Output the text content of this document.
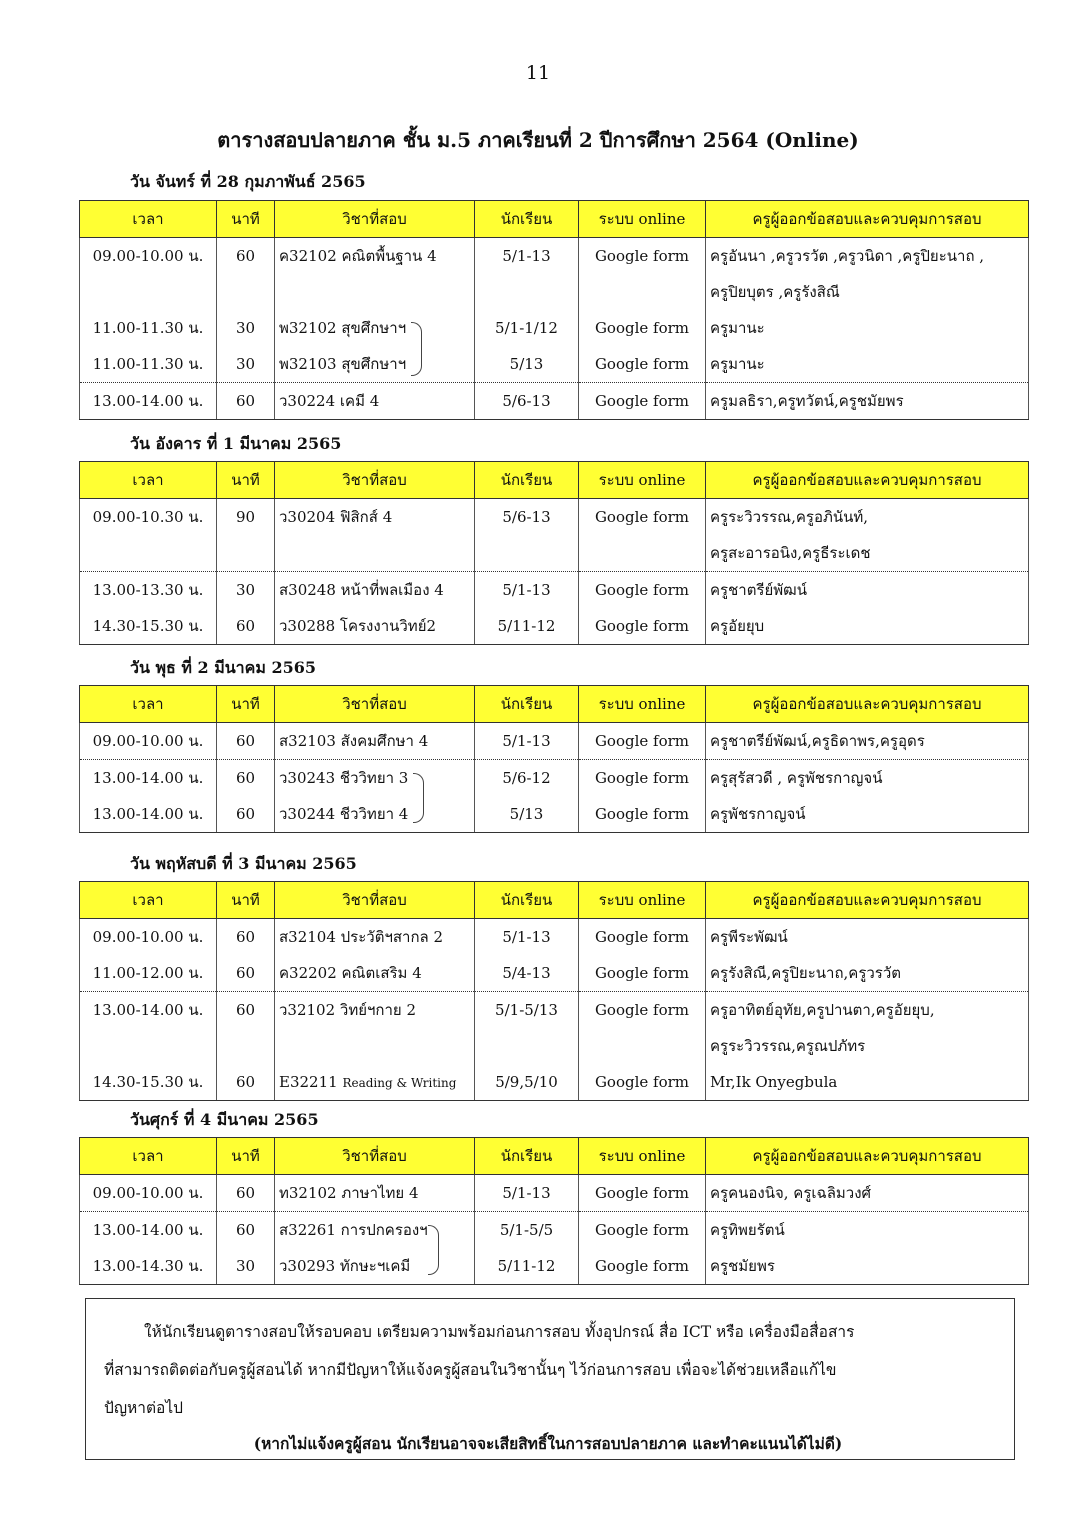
11
ตารางสอบปลายภาค ชั้น ม.5 ภาคเรียนที่ 2 ปีการศึกษา 2564 (Online)
วัน จันทร์ ที่ 28 กุมภาพันธ์ 2565
เวลา	นาที	วิชาที่สอบ	นักเรียน	ระบบ online	ครูผู้ออกข้อสอบและควบคุมการสอบ
09.00-10.00 น.	60	ค32102 คณิตพื้นฐาน 4	5/1-13	Google form	ครูอันนา ,ครูวรวัต ,ครูวนิดา ,ครูปิยะนาถ ,
					ครูปิยบุตร ,ครูรังสิณี
11.00-11.30 น.	30	พ32102 สุขศึกษาฯ	5/1-1/12	Google form	ครูมานะ
11.00-11.30 น.	30	พ32103 สุขศึกษาฯ	5/13	Google form	ครูมานะ
13.00-14.00 น.	60	ว30224 เคมี 4	5/6-13	Google form	ครูมลธิรา,ครูทวัตน์,ครูชมัยพร
วัน อังคาร ที่ 1 มีนาคม 2565
เวลา	นาที	วิชาที่สอบ	นักเรียน	ระบบ online	ครูผู้ออกข้อสอบและควบคุมการสอบ
09.00-10.30 น.	90	ว30204 ฟิสิกส์ 4	5/6-13	Google form	ครูระวิวรรณ,ครูอภินันท์,
					ครูสะอารอนิง,ครูธีระเดช
13.00-13.30 น.	30	ส30248 หน้าที่พลเมือง 4	5/1-13	Google form	ครูชาตรีย์พัฒน์
14.30-15.30 น.	60	ว30288 โครงงานวิทย์2	5/11-12	Google form	ครูอัยยุบ
วัน พุธ ที่ 2 มีนาคม 2565
เวลา	นาที	วิชาที่สอบ	นักเรียน	ระบบ online	ครูผู้ออกข้อสอบและควบคุมการสอบ
09.00-10.00 น.	60	ส32103 สังคมศึกษา 4	5/1-13	Google form	ครูชาตรีย์พัฒน์,ครูธิดาพร,ครูอุดร
13.00-14.00 น.	60	ว30243 ชีววิทยา 3	5/6-12	Google form	ครูสุรัสวดี , ครูพัชรกาญจน์
13.00-14.00 น.	60	ว30244 ชีววิทยา 4	5/13	Google form	ครูพัชรกาญจน์
วัน พฤหัสบดี ที่ 3 มีนาคม 2565
เวลา	นาที	วิชาที่สอบ	นักเรียน	ระบบ online	ครูผู้ออกข้อสอบและควบคุมการสอบ
09.00-10.00 น.	60	ส32104 ประวัติฯสากล 2	5/1-13	Google form	ครูพีระพัฒน์
11.00-12.00 น.	60	ค32202 คณิตเสริม 4	5/4-13	Google form	ครูรังสิณี,ครูปิยะนาถ,ครูวรวัต
13.00-14.00 น.	60	ว32102 วิทย์ฯกาย 2	5/1-5/13	Google form	ครูอาทิตย์อุทัย,ครูปานตา,ครูอัยยุบ,
					ครูระวิวรรณ,ครูณปภัทร
14.30-15.30 น.	60	E32211 Reading & Writing	5/9,5/10	Google form	Mr,Ik Onyegbula
วันศุกร์ ที่ 4 มีนาคม 2565
เวลา	นาที	วิชาที่สอบ	นักเรียน	ระบบ online	ครูผู้ออกข้อสอบและควบคุมการสอบ
09.00-10.00 น.	60	ท32102 ภาษาไทย 4	5/1-13	Google form	ครูคนองนิจ, ครูเฉลิมวงศ์
13.00-14.00 น.	60	ส32261 การปกครองฯ	5/1-5/5	Google form	ครูทิพยรัตน์
13.00-14.30 น.	30	ว30293 ทักษะฯเคมี	5/11-12	Google form	ครูชมัยพร

ให้นักเรียนดูตารางสอบให้รอบคอบ เตรียมความพร้อมก่อนการสอบ ทั้งอุปกรณ์ สื่อ ICT หรือ เครื่องมือสื่อสาร

ที่สามารถติดต่อกับครูผู้สอนได้ หากมีปัญหาให้แจ้งครูผู้สอนในวิชานั้นๆ ไว้ก่อนการสอบ เพื่อจะได้ช่วยเหลือแก้ไข

ปัญหาต่อไป

(หากไม่แจ้งครูผู้สอน นักเรียนอาจจะเสียสิทธิ์ในการสอบปลายภาค และทำคะแนนได้ไม่ดี)
